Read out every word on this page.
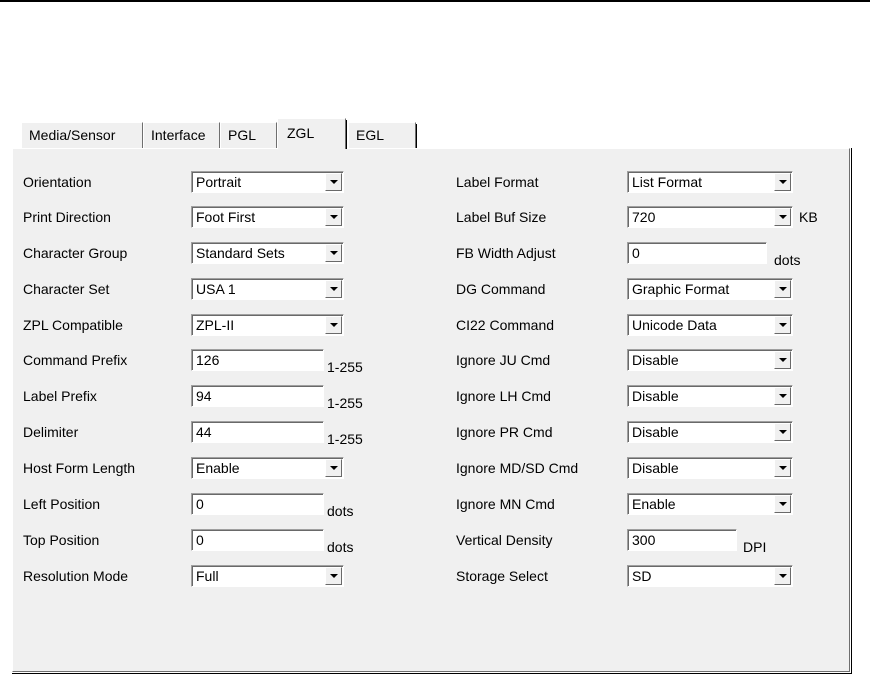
Media/Sensor	Interface	PGL	ZGL	EGL
Orientation	Portrait
Print Direction	Foot First
Character Group	Standard Sets
Character Set	USA 1
ZPL Compatible	ZPL-II
Command Prefix	126	1-255
Label Prefix	94	1-255
Delimiter	44	1-255
Host Form Length	Enable
Left Position	0	dots
Top Position	0	dots
Resolution Mode	Full
Label Format	List Format
Label Buf Size	720	KB
FB Width Adjust	0	dots
DG Command	Graphic Format
CI22 Command	Unicode Data
Ignore JU Cmd	Disable
Ignore LH Cmd	Disable
Ignore PR Cmd	Disable
Ignore MD/SD Cmd	Disable
Ignore MN Cmd	Enable
Vertical Density	300	DPI
Storage Select	SD
